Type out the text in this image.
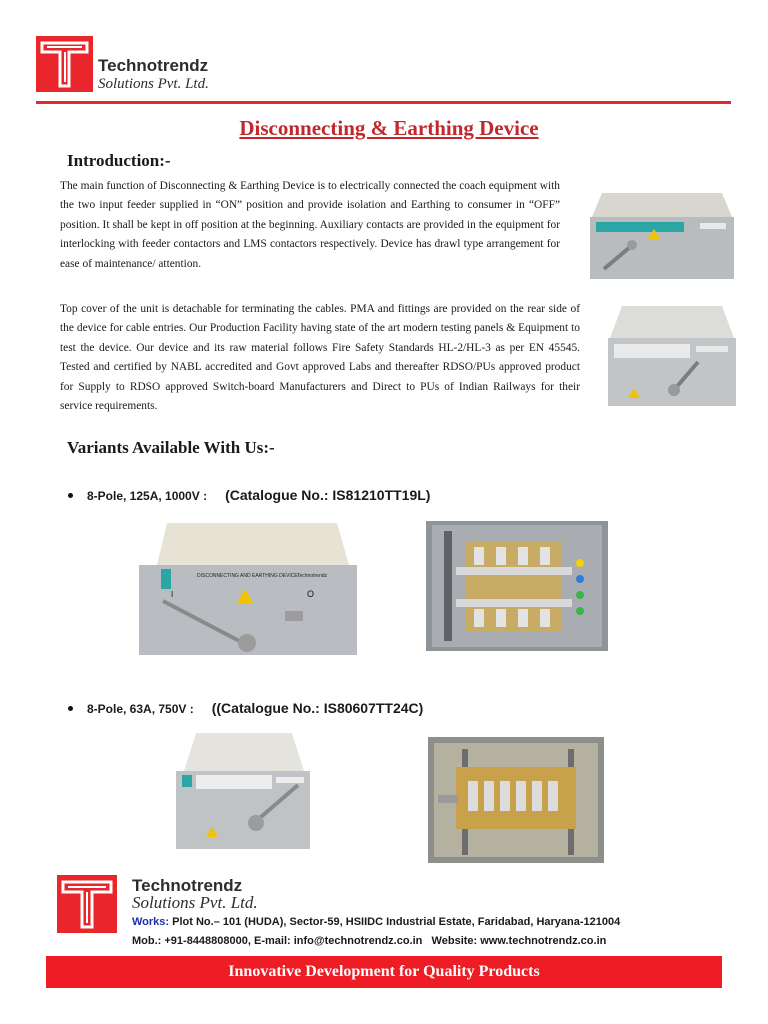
Technotrendz
Solutions Pvt. Ltd.
Disconnecting & Earthing Device
Introduction:-

The main function of Disconnecting & Earthing Device is to electrically connected the coach equipment with the two input feeder supplied in “ON” position and provide isolation and Earthing to consumer in “OFF” position. It shall be kept in off position at the beginning. Auxiliary contacts are provided in the equipment for interlocking with feeder contactors and LMS contactors respectively. Device has drawl type arrangement for ease of maintenance/ attention.

Top cover of the unit is detachable for terminating the cables. PMA and fittings are provided on the rear side of the device for cable entries. Our Production Facility having state of the art modern testing panels & Equipment to test the device. Our device and its raw material follows Fire Safety Standards HL-2/HL-3 as per EN 45545. Tested and certified by NABL accredited and Govt approved Labs and thereafter RDSO/PUs approved product for Supply to RDSO approved Switch-board Manufacturers and Direct to PUs of Indian Railways for their service requirements.

Variants Available With Us:-
8-Pole, 125A, 1000V : (Catalogue No.: IS81210TT19L)
DISCONNECTING AND EARTHING DEVICE Technotrendz
I	O
8-Pole, 63A, 750V : ((Catalogue No.: IS80607TT24C)
Technotrendz
Solutions Pvt. Ltd.
Works: Plot No.– 101 (HUDA), Sector-59, HSIIDC Industrial Estate, Faridabad, Haryana-121004
Mob.: +91-8448808000, E-mail: info@technotrendz.co.in   Website: www.technotrendz.co.in
Innovative Development for Quality Products
